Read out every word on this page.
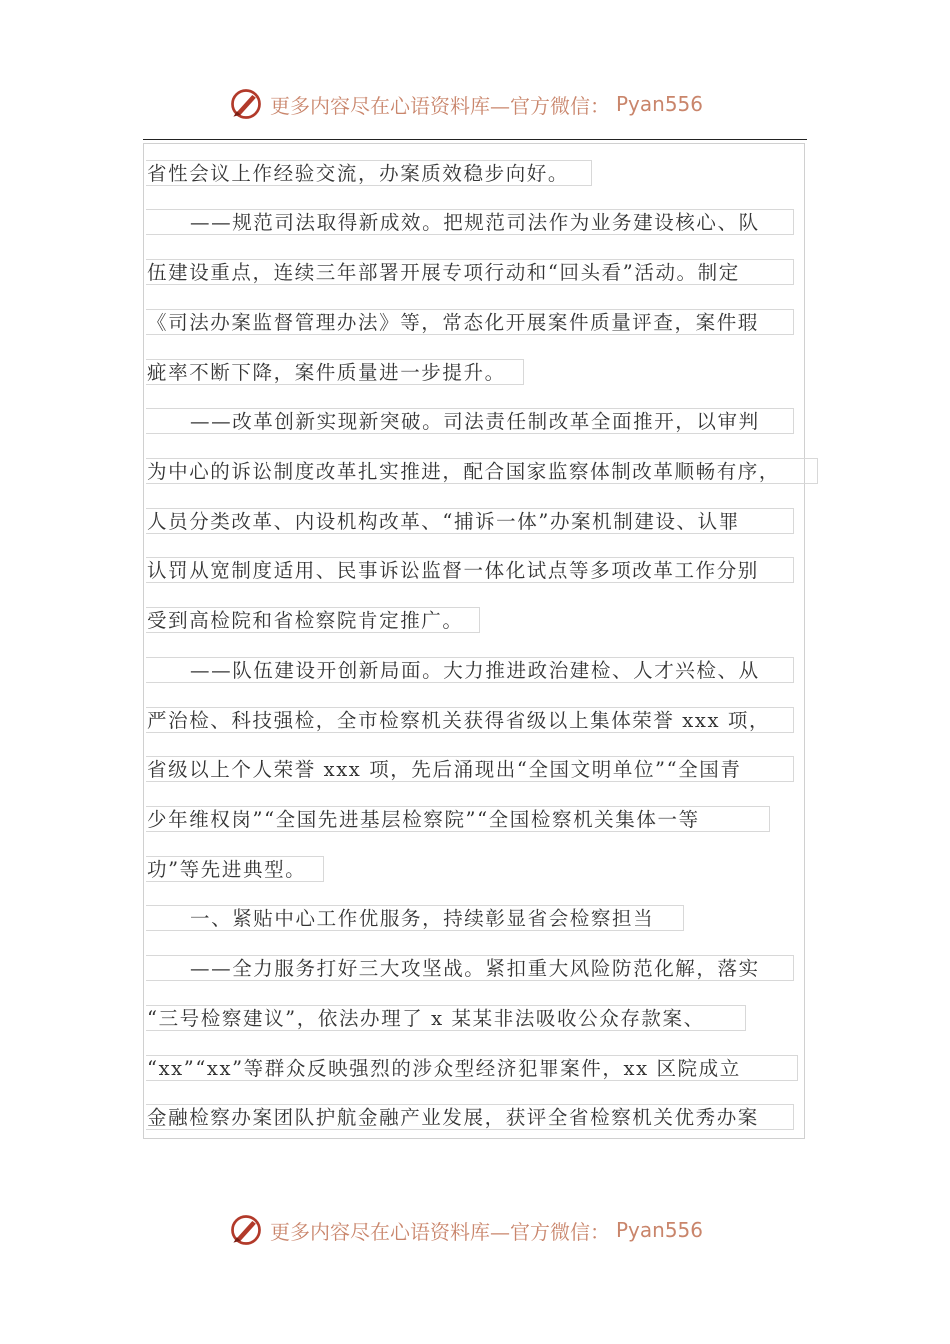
更多内容尽在心语资料库—官方微信： Pyan556
省性会议上作经验交流，办案质效稳步向好。
——规范司法取得新成效。把规范司法作为业务建设核心、队
伍建设重点，连续三年部署开展专项行动和“回头看”活动。制定
《司法办案监督管理办法》等，常态化开展案件质量评查，案件瑕
疵率不断下降，案件质量进一步提升。
——改革创新实现新突破。司法责任制改革全面推开，以审判
为中心的诉讼制度改革扎实推进，配合国家监察体制改革顺畅有序，
人员分类改革、内设机构改革、“捕诉一体”办案机制建设、认罪
认罚从宽制度适用、民事诉讼监督一体化试点等多项改革工作分别
受到高检院和省检察院肯定推广。
——队伍建设开创新局面。大力推进政治建检、人才兴检、从
严治检、科技强检，全市检察机关获得省级以上集体荣誉 xxx 项，
省级以上个人荣誉 xxx 项，先后涌现出“全国文明单位”“全国青
少年维权岗”“全国先进基层检察院”“全国检察机关集体一等
功”等先进典型。
一、紧贴中心工作优服务，持续彰显省会检察担当
——全力服务打好三大攻坚战。紧扣重大风险防范化解，落实
“三号检察建议”，依法办理了 x 某某非法吸收公众存款案、
“xx”“xx”等群众反映强烈的涉众型经济犯罪案件，xx 区院成立
金融检察办案团队护航金融产业发展，获评全省检察机关优秀办案
更多内容尽在心语资料库—官方微信： Pyan556
